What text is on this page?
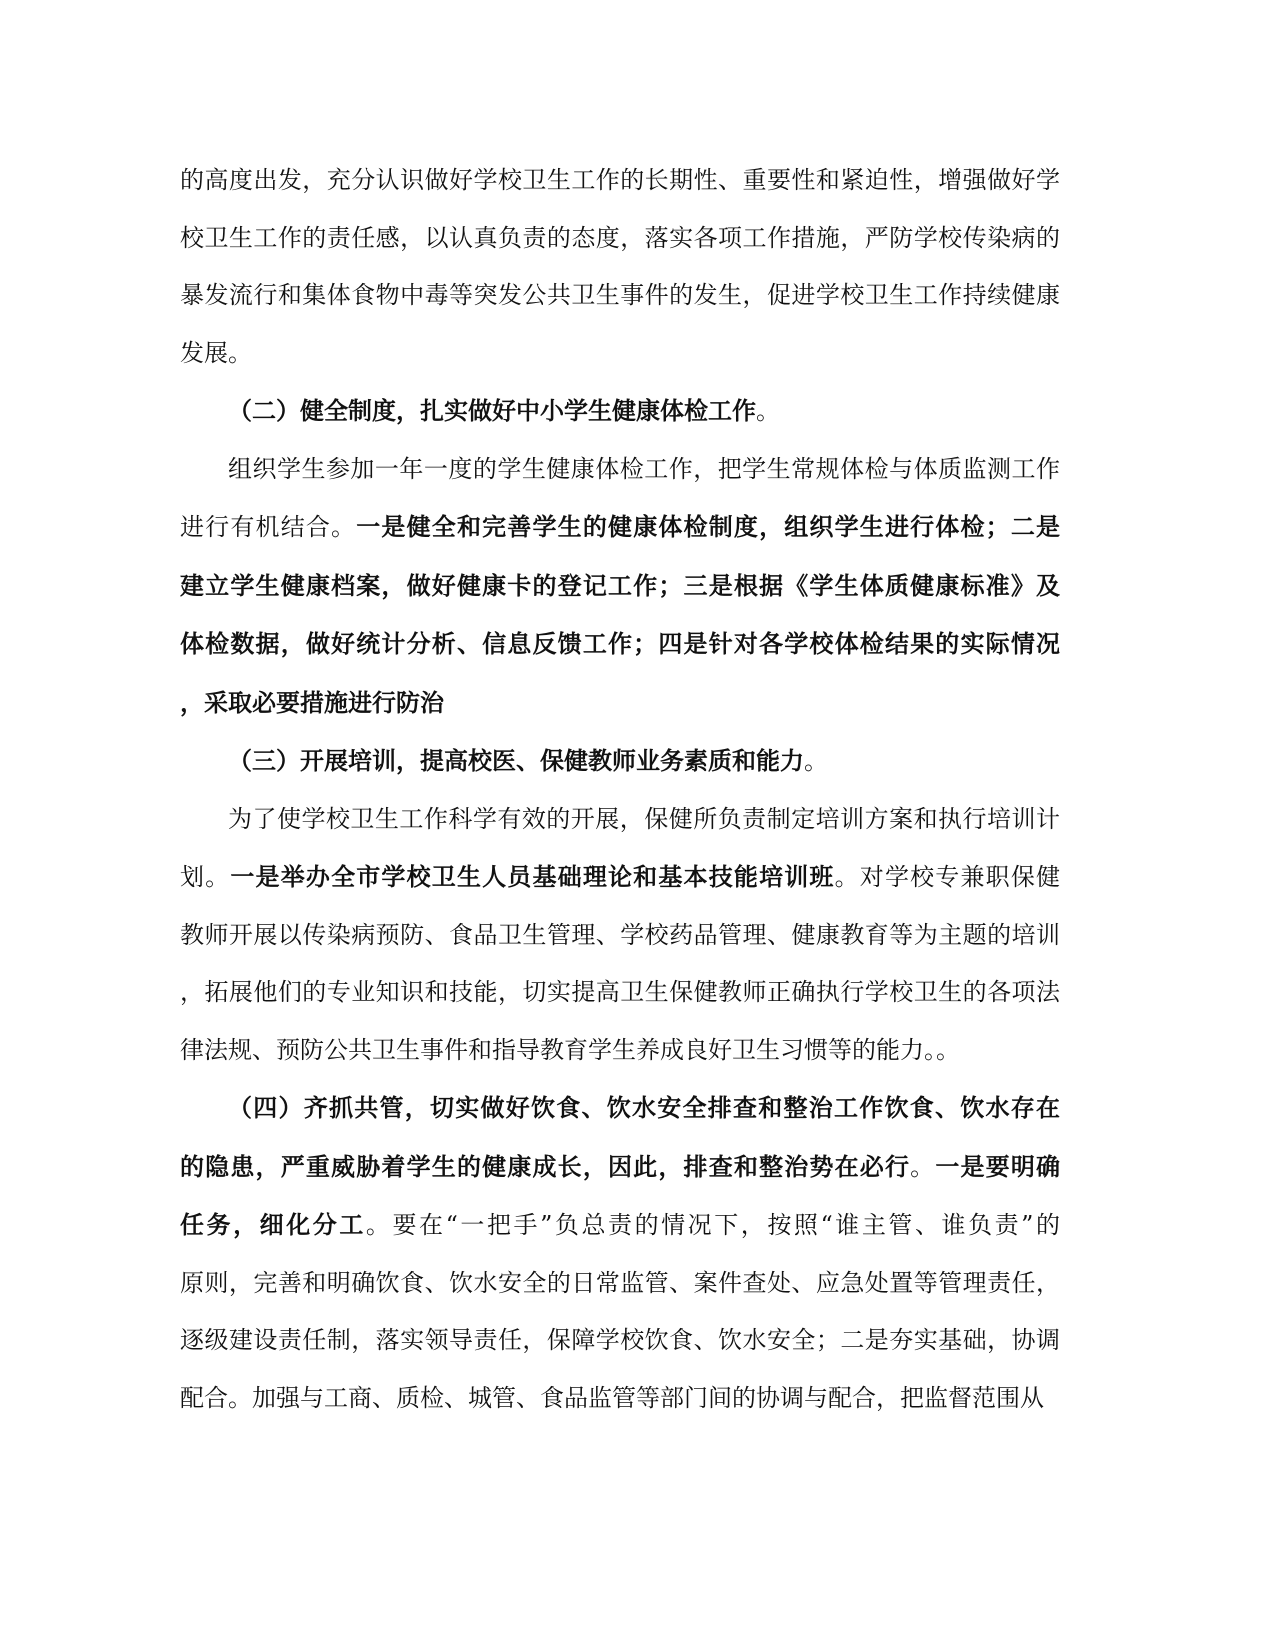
的高度出发，充分认识做好学校卫生工作的长期性、重要性和紧迫性，增强做好学
校卫生工作的责任感，以认真负责的态度，落实各项工作措施，严防学校传染病的
暴发流行和集体食物中毒等突发公共卫生事件的发生，促进学校卫生工作持续健康
发展。
（二）健全制度，扎实做好中小学生健康体检工作。
组织学生参加一年一度的学生健康体检工作，把学生常规体检与体质监测工作
进行有机结合。一是健全和完善学生的健康体检制度，组织学生进行体检；二是
建立学生健康档案，做好健康卡的登记工作；三是根据《学生体质健康标准》及
体检数据，做好统计分析、信息反馈工作；四是针对各学校体检结果的实际情况
，采取必要措施进行防治
（三）开展培训，提高校医、保健教师业务素质和能力。
为了使学校卫生工作科学有效的开展，保健所负责制定培训方案和执行培训计
划。一是举办全市学校卫生人员基础理论和基本技能培训班。对学校专兼职保健
教师开展以传染病预防、食品卫生管理、学校药品管理、健康教育等为主题的培训
，拓展他们的专业知识和技能，切实提高卫生保健教师正确执行学校卫生的各项法
律法规、预防公共卫生事件和指导教育学生养成良好卫生习惯等的能力。。
（四）齐抓共管，切实做好饮食、饮水安全排查和整治工作饮食、饮水存在
的隐患，严重威胁着学生的健康成长，因此，排查和整治势在必行。一是要明确
任务，细化分工。要在“一把手”负总责的情况下，按照“谁主管、谁负责”的
原则，完善和明确饮食、饮水安全的日常监管、案件查处、应急处置等管理责任，
逐级建设责任制，落实领导责任，保障学校饮食、饮水安全；二是夯实基础，协调
配合。加强与工商、质检、城管、食品监管等部门间的协调与配合，把监督范围从
